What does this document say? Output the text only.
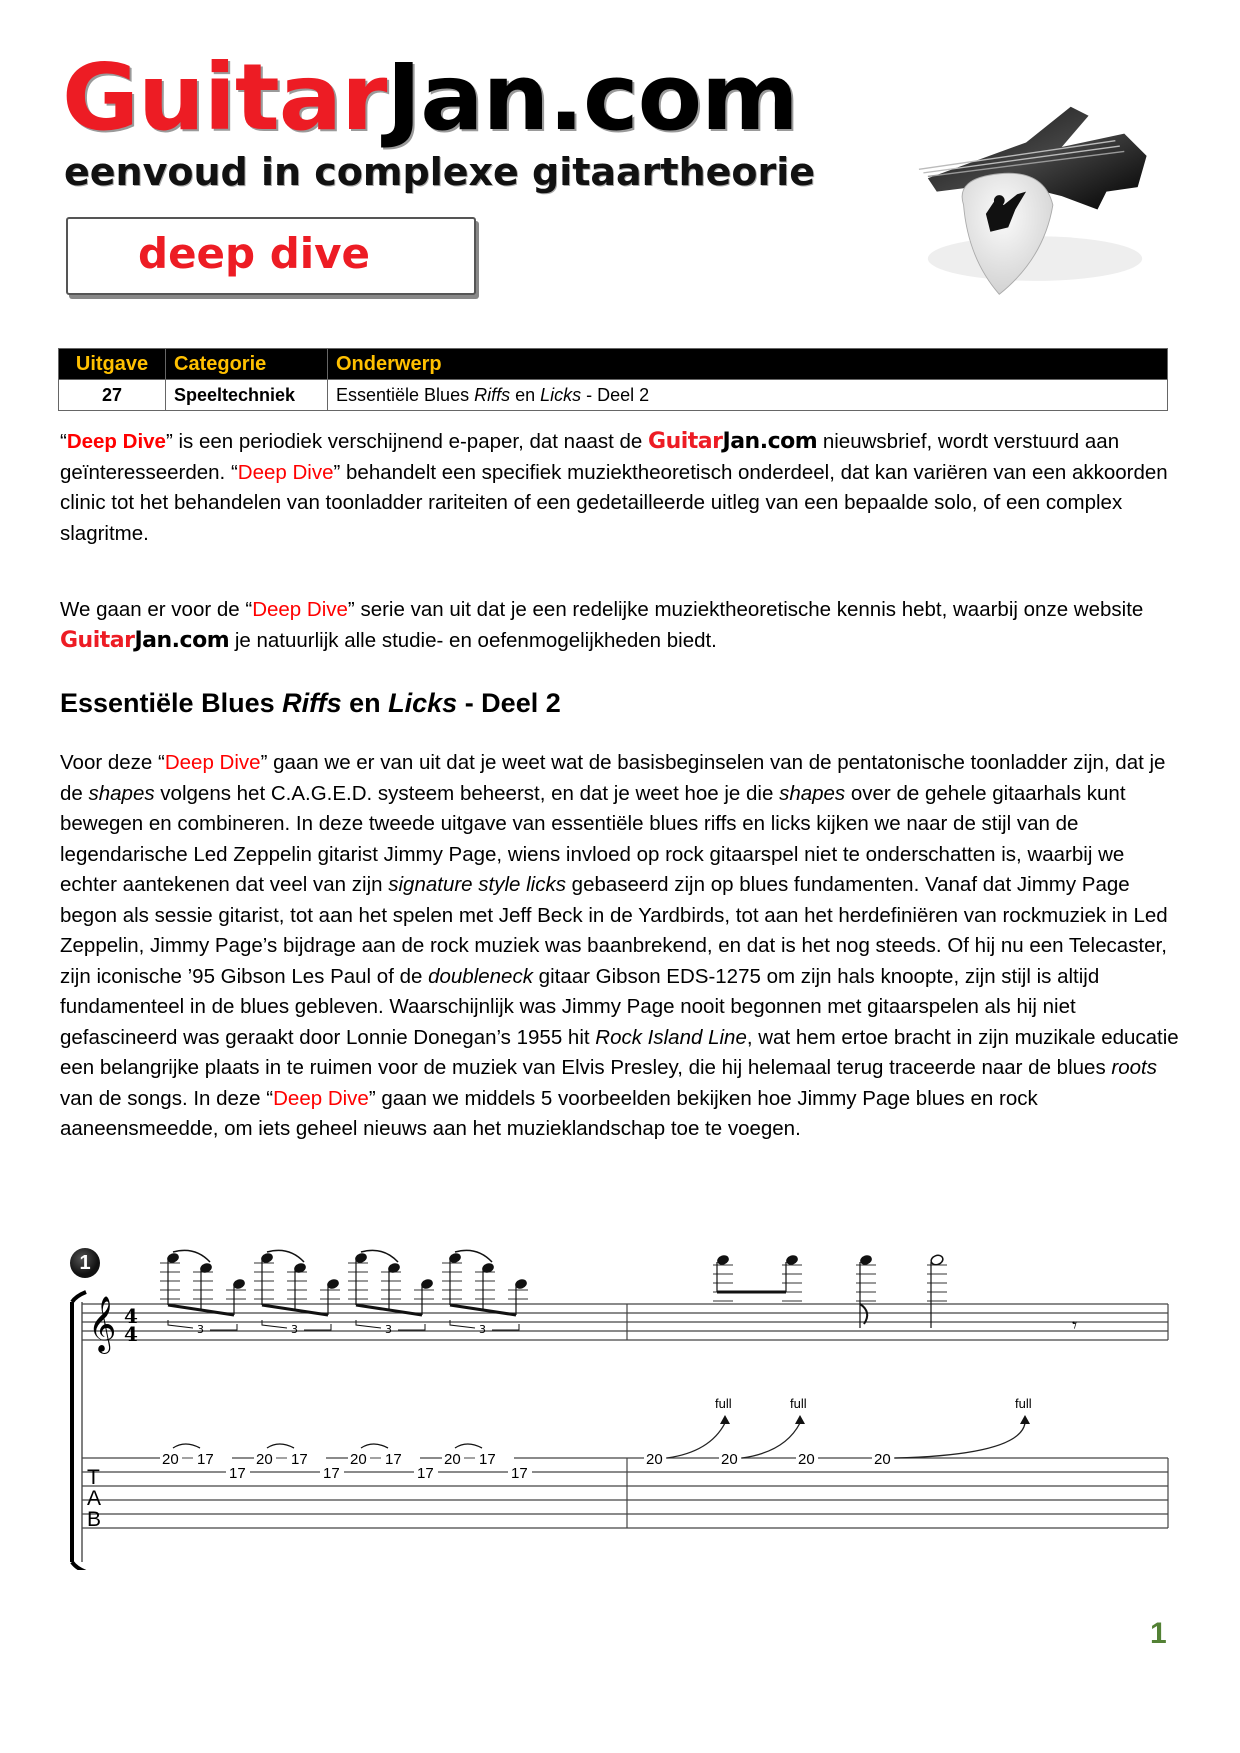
GuitarJan.com
eenvoud in complexe gitaartheorie
deep dive
Uitgave	Categorie	Onderwerp
27	Speeltechniek	Essentiële Blues Riffs en Licks - Deel 2

“Deep Dive” is een periodiek verschijnend e-paper, dat naast de GuitarJan.com nieuwsbrief, wordt verstuurd aan geïnteresseerden. “Deep Dive” behandelt een specifiek muziektheoretisch onderdeel, dat kan variëren van een akkoorden clinic tot het behandelen van toonladder rariteiten of een gedetailleerde uitleg van een bepaalde solo, of een complex slagritme.

We gaan er voor de “Deep Dive” serie van uit dat je een redelijke muziektheoretische kennis hebt, waarbij onze website GuitarJan.com je natuurlijk alle studie- en oefenmogelijkheden biedt.

Essentiële Blues Riffs en Licks - Deel 2

Voor deze “Deep Dive” gaan we er van uit dat je weet wat de basisbeginselen van de pentatonische toonladder zijn, dat je de shapes volgens het C.A.G.E.D. systeem beheerst, en dat je weet hoe je die shapes over de gehele gitaarhals kunt bewegen en combineren. In deze tweede uitgave van essentiële blues riffs en licks kijken we naar de stijl van de legendarische Led Zeppelin gitarist Jimmy Page, wiens invloed op rock gitaarspel niet te onderschatten is, waarbij we echter aantekenen dat veel van zijn signature style licks gebaseerd zijn op blues fundamenten. Vanaf dat Jimmy Page begon als sessie gitarist, tot aan het spelen met Jeff Beck in de Yardbirds, tot aan het herdefiniëren van rockmuziek in Led Zeppelin, Jimmy Page’s bijdrage aan de rock muziek was baanbrekend, en dat is het nog steeds. Of hij nu een Telecaster, zijn iconische ’95 Gibson Les Paul of de doubleneck gitaar Gibson EDS-1275 om zijn hals knoopte, zijn stijl is altijd fundamenteel in de blues gebleven. Waarschijnlijk was Jimmy Page nooit begonnen met gitaarspelen als hij niet gefascineerd was geraakt door Lonnie Donegan’s 1955 hit Rock Island Line, wat hem ertoe bracht in zijn muzikale educatie een belangrijke plaats in te ruimen voor de muziek van Elvis Presley, die hij helemaal terug traceerde naar de blues roots van de songs. In deze “Deep Dive” gaan we middels 5 voorbeelden bekijken hoe Jimmy Page blues en rock aaneensmeedde, om iets geheel nieuws aan het muzieklandschap toe te voegen.

1
𝄞 4
4	3	𝄾
T
A
B
20 17
17
20 17
17
20 17
17
20 17
17
20	20	20	20
full	full	full
1
